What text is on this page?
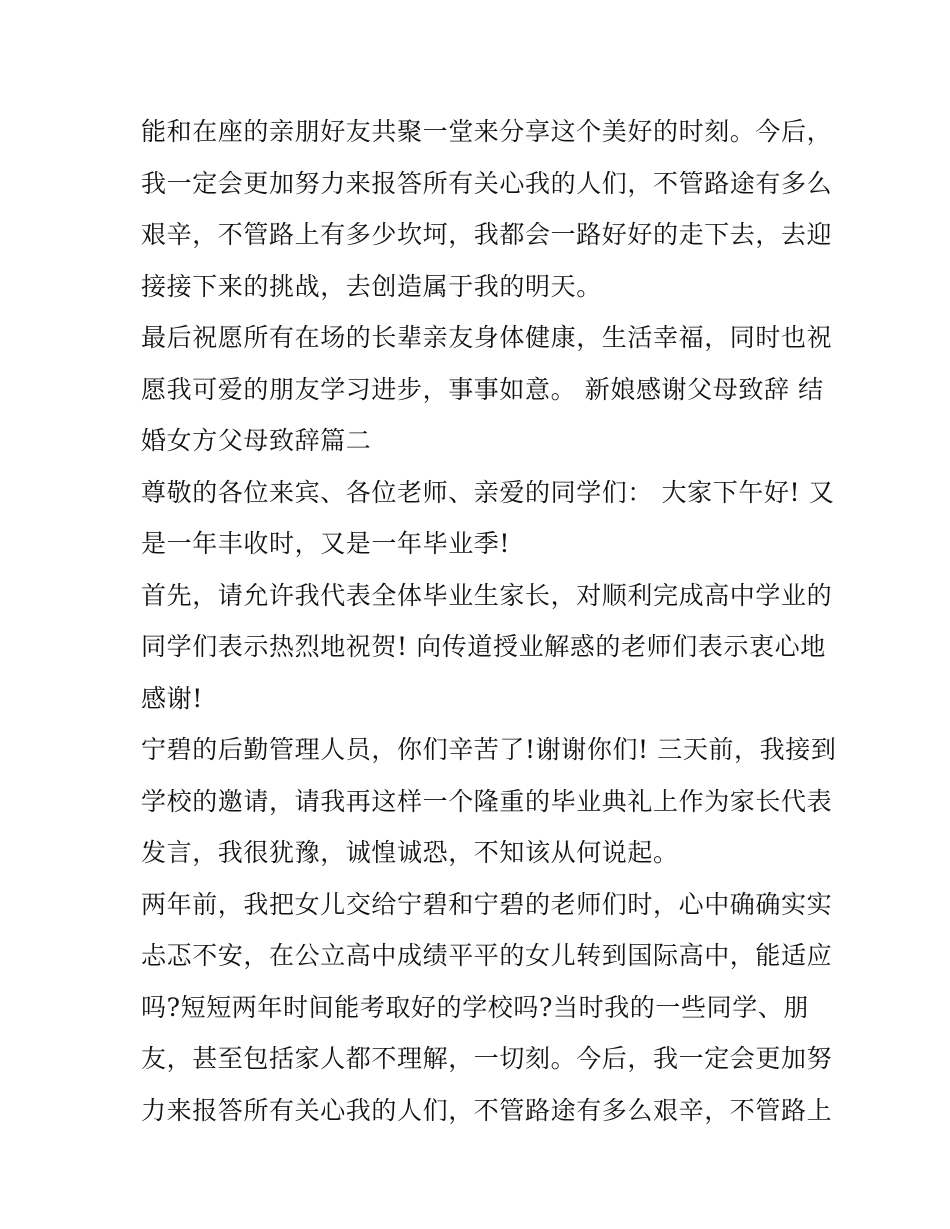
能和在座的亲朋好友共聚一堂来分享这个美好的时刻。今后，
我一定会更加努力来报答所有关心我的人们，不管路途有多么
艰辛，不管路上有多少坎坷，我都会一路好好的走下去，去迎
接接下来的挑战，去创造属于我的明天。
最后祝愿所有在场的长辈亲友身体健康，生活幸福，同时也祝
愿我可爱的朋友学习进步，事事如意。 新娘感谢父母致辞 结
婚女方父母致辞篇二
尊敬的各位来宾、各位老师、亲爱的同学们： 大家下午好! 又
是一年丰收时，又是一年毕业季!
首先，请允许我代表全体毕业生家长，对顺利完成高中学业的
同学们表示热烈地祝贺! 向传道授业解惑的老师们表示衷心地
感谢!
宁碧的后勤管理人员，你们辛苦了!谢谢你们! 三天前，我接到
学校的邀请，请我再这样一个隆重的毕业典礼上作为家长代表
发言，我很犹豫，诚惶诚恐，不知该从何说起。
两年前，我把女儿交给宁碧和宁碧的老师们时，心中确确实实
忐忑不安，在公立高中成绩平平的女儿转到国际高中，能适应
吗?短短两年时间能考取好的学校吗?当时我的一些同学、朋
友，甚至包括家人都不理解，一切刻。今后，我一定会更加努
力来报答所有关心我的人们，不管路途有多么艰辛，不管路上
